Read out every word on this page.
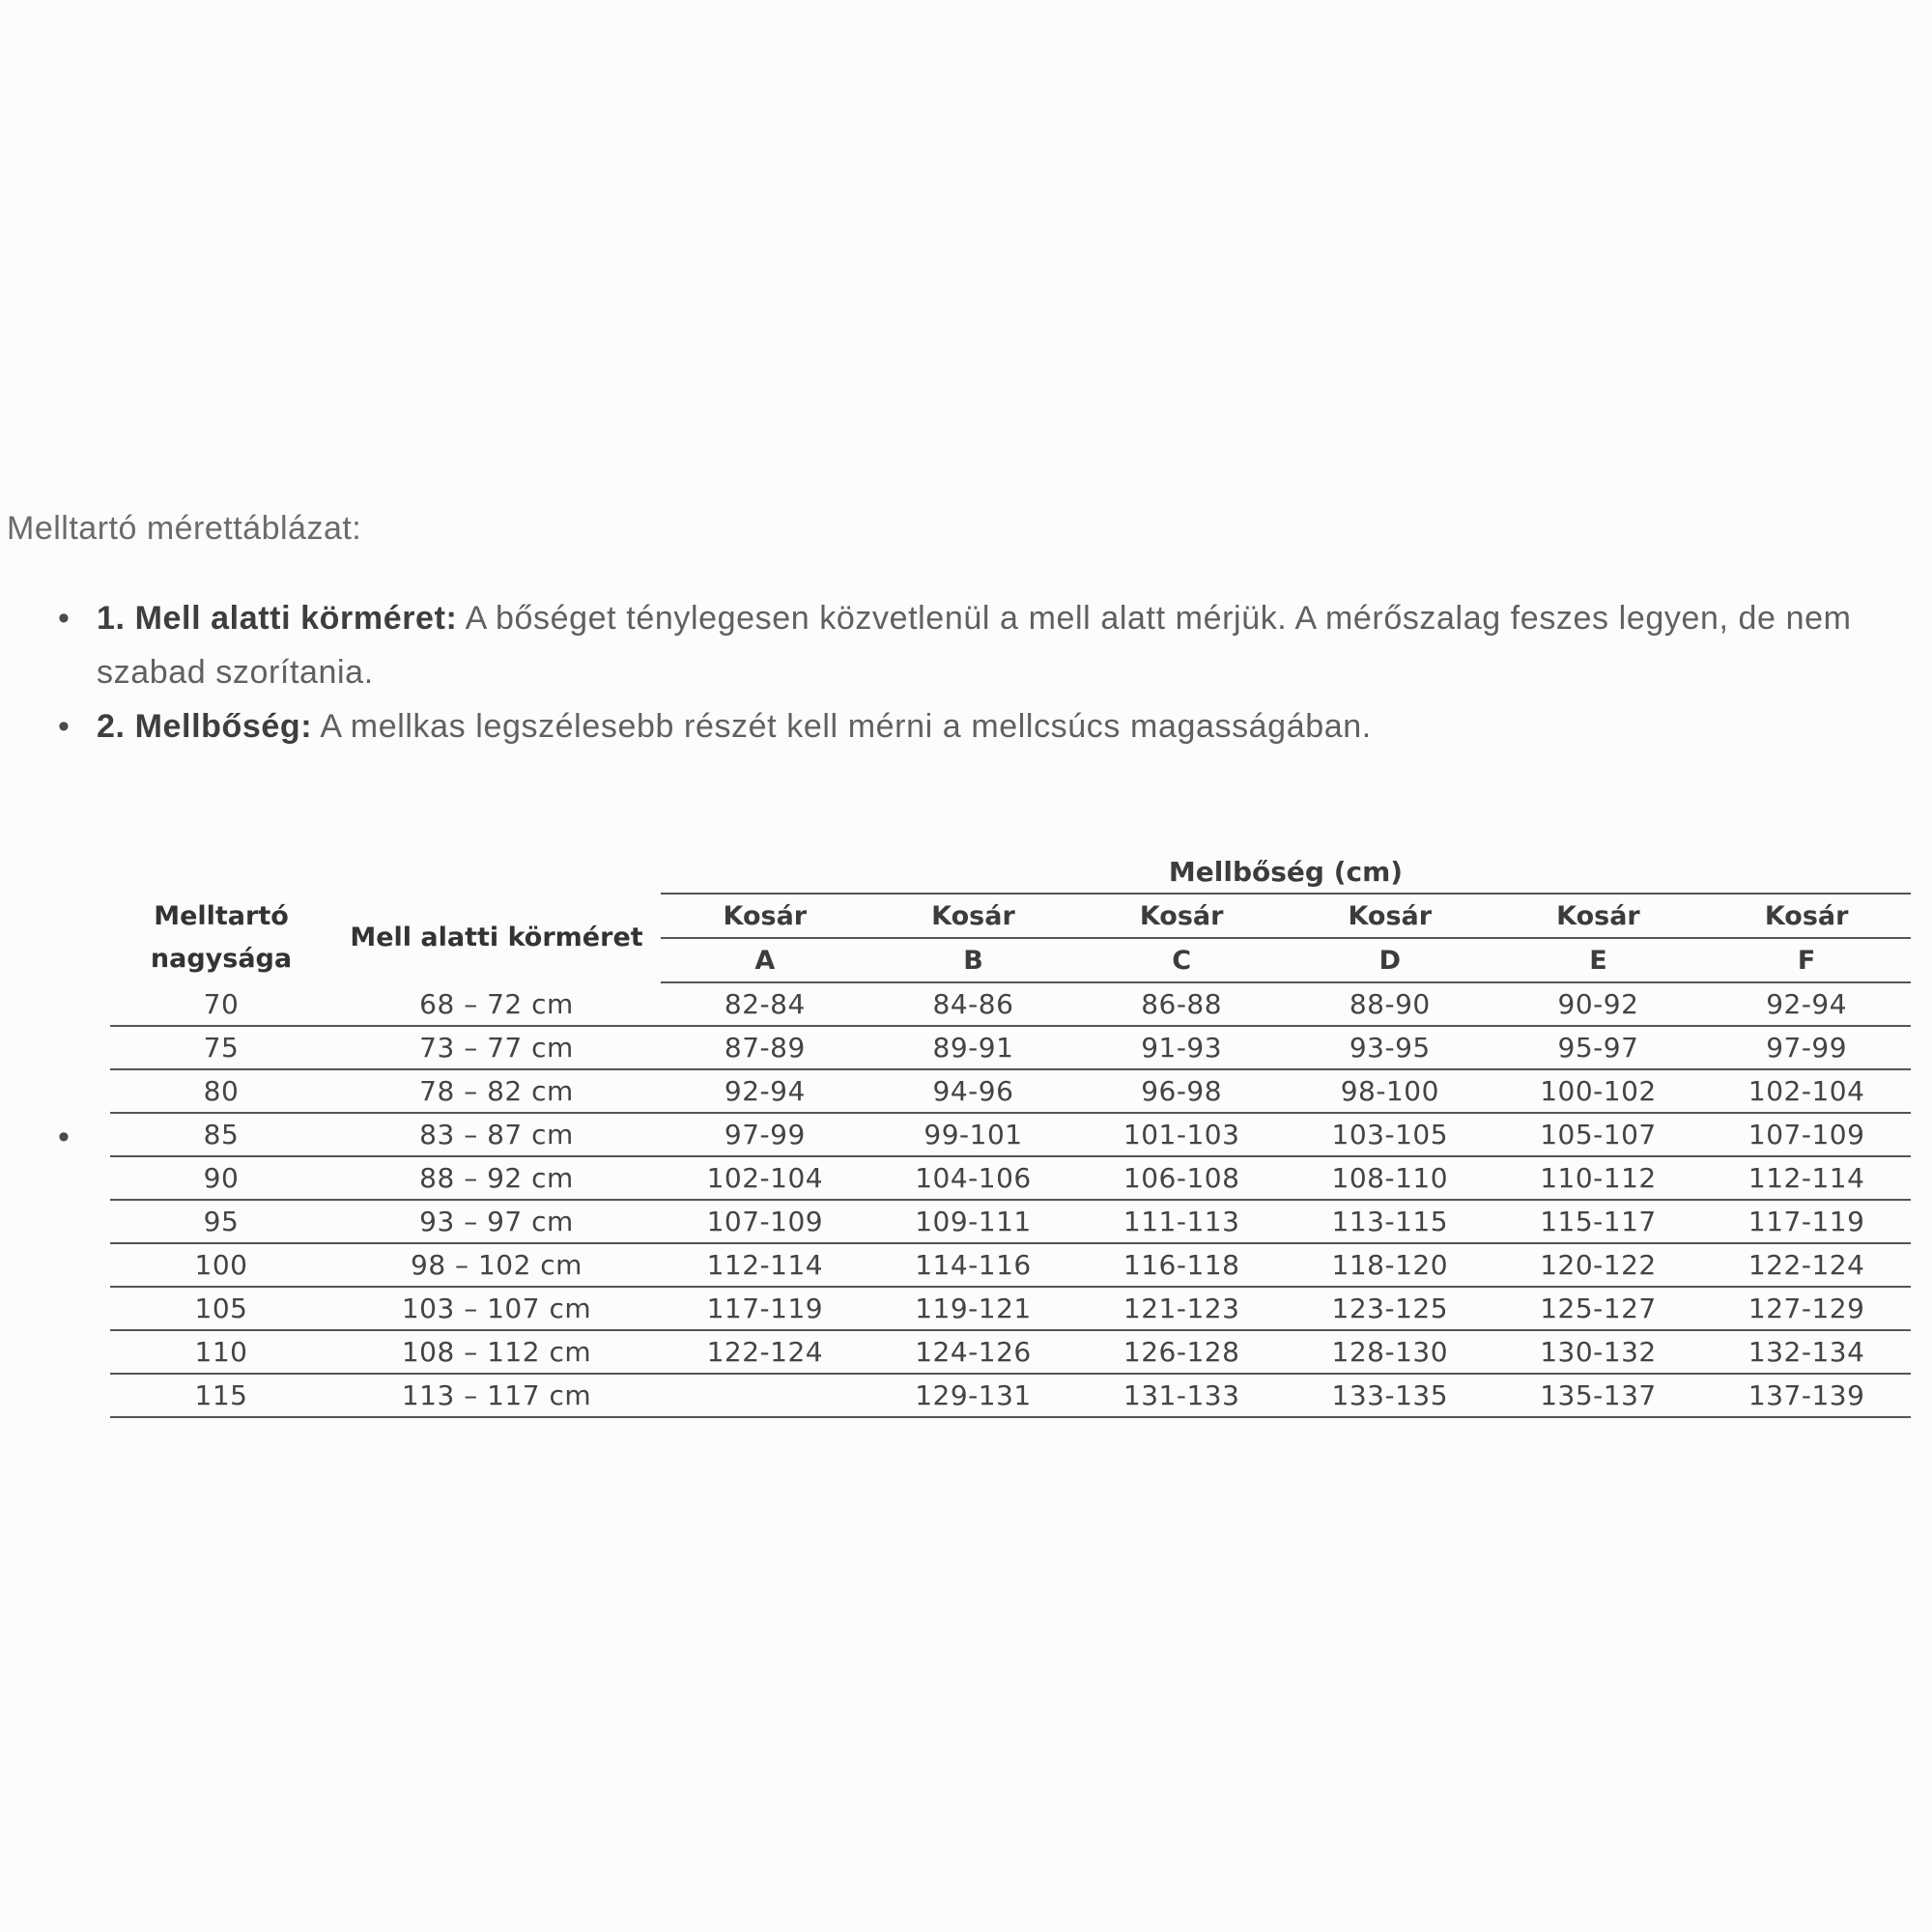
Melltartó mérettáblázat:
• 1. Mell alatti körméret: A bőséget ténylegesen közvetlenül a mell alatt mérjük. A mérőszalag feszes legyen, de nem szabad szorítania.
• 2. Mellbőség: A mellkas legszélesebb részét kell mérni a mellcsúcs magasságában.
•
		Mellbőség (cm)					
Melltartó nagysága	Mell alatti körméret	Kosár	Kosár	Kosár	Kosár	Kosár	Kosár
		A	B	C	D	E	F
70	68 – 72 cm	82-84	84-86	86-88	88-90	90-92	92-94
75	73 – 77 cm	87-89	89-91	91-93	93-95	95-97	97-99
80	78 – 82 cm	92-94	94-96	96-98	98-100	100-102	102-104
85	83 – 87 cm	97-99	99-101	101-103	103-105	105-107	107-109
90	88 – 92 cm	102-104	104-106	106-108	108-110	110-112	112-114
95	93 – 97 cm	107-109	109-111	111-113	113-115	115-117	117-119
100	98 – 102 cm	112-114	114-116	116-118	118-120	120-122	122-124
105	103 – 107 cm	117-119	119-121	121-123	123-125	125-127	127-129
110	108 – 112 cm	122-124	124-126	126-128	128-130	130-132	132-134
115	113 – 117 cm		129-131	131-133	133-135	135-137	137-139
